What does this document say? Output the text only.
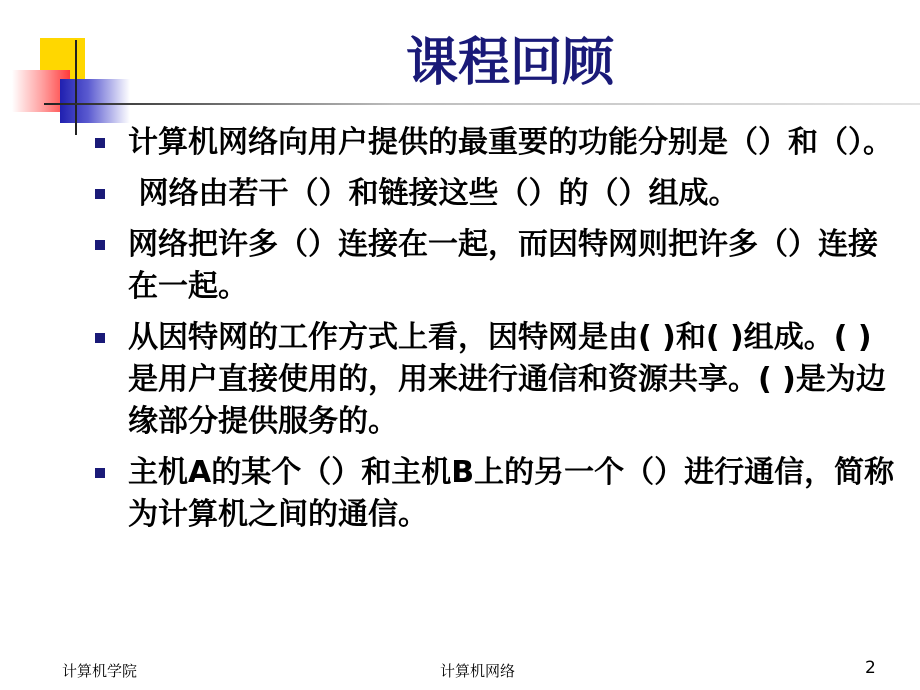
课程回顾
计算机网络向用户提供的最重要的功能分别是（）和（）。
网络由若干（）和链接这些（）的（）组成。
网络把许多（）连接在一起，而因特网则把许多（）连接在一起。
从因特网的工作方式上看，因特网是由( )和( )组成。( )是用户直接使用的，用来进行通信和资源共享。( )是为边缘部分提供服务的。
主机A的某个（）和主机B上的另一个（）进行通信，简称为计算机之间的通信。
计算机学院	计算机网络	2
